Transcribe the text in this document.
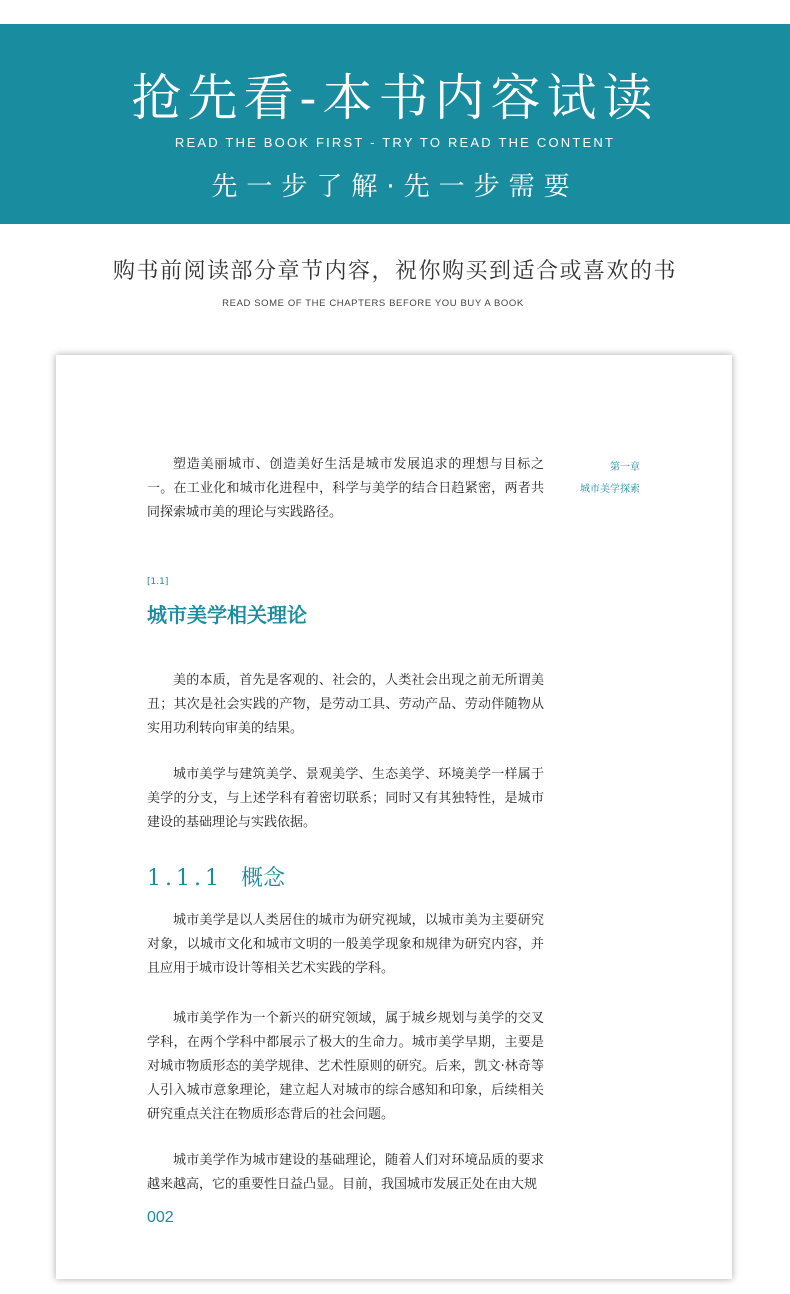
抢先看-本书内容试读
READ THE BOOK FIRST - TRY TO READ THE CONTENT
先一步了解·先一步需要
购书前阅读部分章节内容，祝你购买到适合或喜欢的书
READ SOME OF THE CHAPTERS BEFORE YOU BUY A BOOK
第一章
城市美学探索

塑造美丽城市、创造美好生活是城市发展追求的理想与目标之一。在工业化和城市化进程中，科学与美学的结合日趋紧密，两者共同探索城市美的理论与实践路径。

[1.1]
城市美学相关理论

美的本质，首先是客观的、社会的，人类社会出现之前无所谓美丑；其次是社会实践的产物，是劳动工具、劳动产品、劳动伴随物从实用功利转向审美的结果。

城市美学与建筑美学、景观美学、生态美学、环境美学一样属于美学的分支，与上述学科有着密切联系；同时又有其独特性，是城市建设的基础理论与实践依据。

1.1.1 概念

城市美学是以人类居住的城市为研究视域，以城市美为主要研究对象，以城市文化和城市文明的一般美学现象和规律为研究内容，并且应用于城市设计等相关艺术实践的学科。

城市美学作为一个新兴的研究领域，属于城乡规划与美学的交叉学科，在两个学科中都展示了极大的生命力。城市美学早期，主要是对城市物质形态的美学规律、艺术性原则的研究。后来，凯文·林奇等人引入城市意象理论，建立起人对城市的综合感知和印象，后续相关研究重点关注在物质形态背后的社会问题。

城市美学作为城市建设的基础理论，随着人们对环境品质的要求越来越高，它的重要性日益凸显。目前，我国城市发展正处在由大规

002
